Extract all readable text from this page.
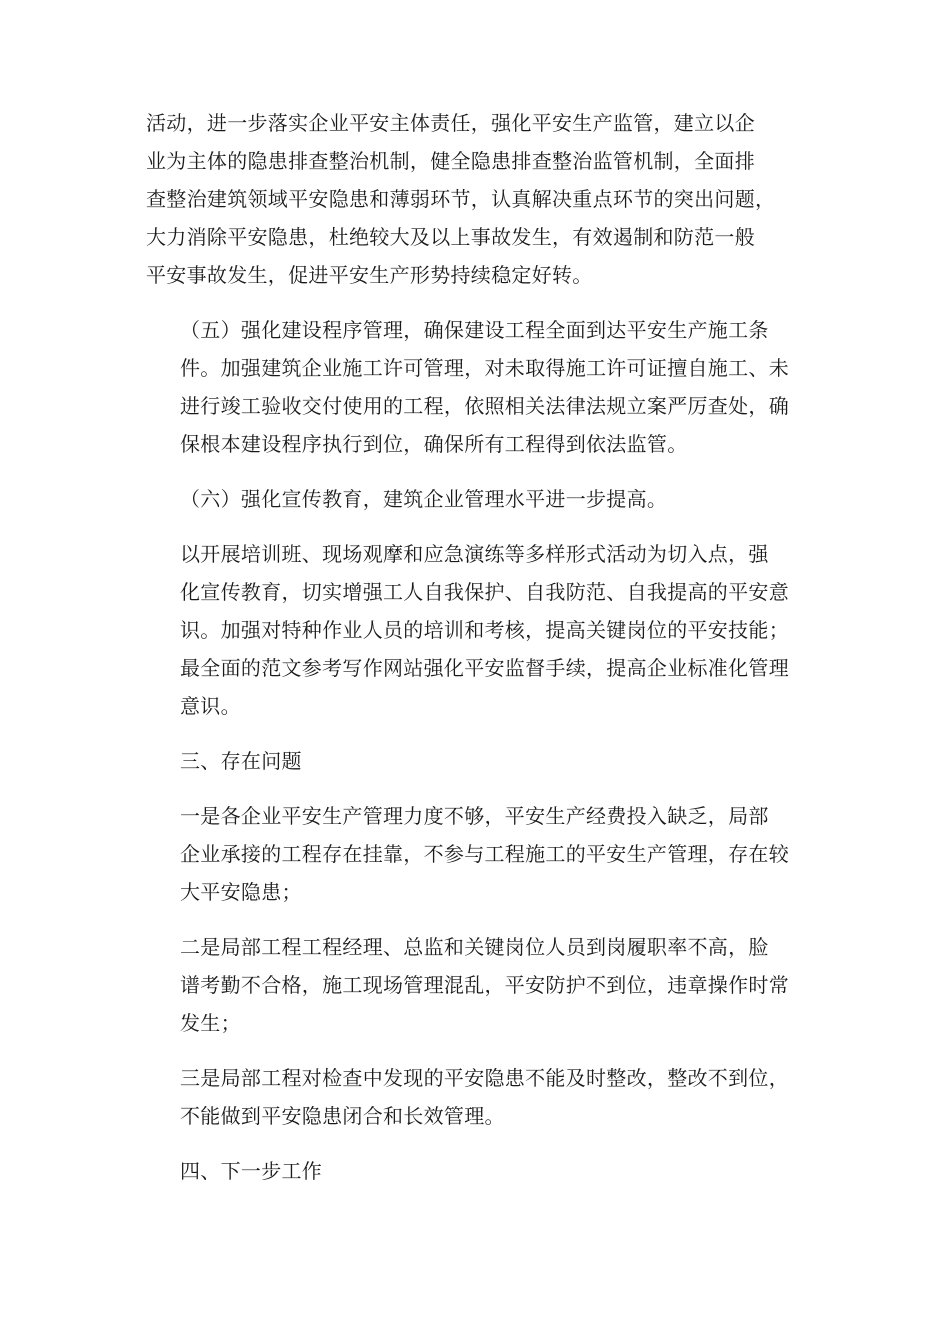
活动，进一步落实企业平安主体责任，强化平安生产监管，建立以企
业为主体的隐患排查整治机制，健全隐患排查整治监管机制，全面排
查整治建筑领域平安隐患和薄弱环节，认真解决重点环节的突出问题，
大力消除平安隐患，杜绝较大及以上事故发生，有效遏制和防范一般
平安事故发生，促进平安生产形势持续稳定好转。

（五）强化建设程序管理，确保建设工程全面到达平安生产施工条
件。加强建筑企业施工许可管理，对未取得施工许可证擅自施工、未
进行竣工验收交付使用的工程，依照相关法律法规立案严厉查处，确
保根本建设程序执行到位，确保所有工程得到依法监管。

（六）强化宣传教育，建筑企业管理水平进一步提高。

以开展培训班、现场观摩和应急演练等多样形式活动为切入点，强
化宣传教育，切实增强工人自我保护、自我防范、自我提高的平安意
识。加强对特种作业人员的培训和考核，提高关键岗位的平安技能；
最全面的范文参考写作网站强化平安监督手续，提高企业标准化管理
意识。

三、存在问题

一是各企业平安生产管理力度不够，平安生产经费投入缺乏，局部
企业承接的工程存在挂靠，不参与工程施工的平安生产管理，存在较
大平安隐患；

二是局部工程工程经理、总监和关键岗位人员到岗履职率不高，脸
谱考勤不合格，施工现场管理混乱，平安防护不到位，违章操作时常
发生；

三是局部工程对检查中发现的平安隐患不能及时整改，整改不到位，
不能做到平安隐患闭合和长效管理。

四、下一步工作
